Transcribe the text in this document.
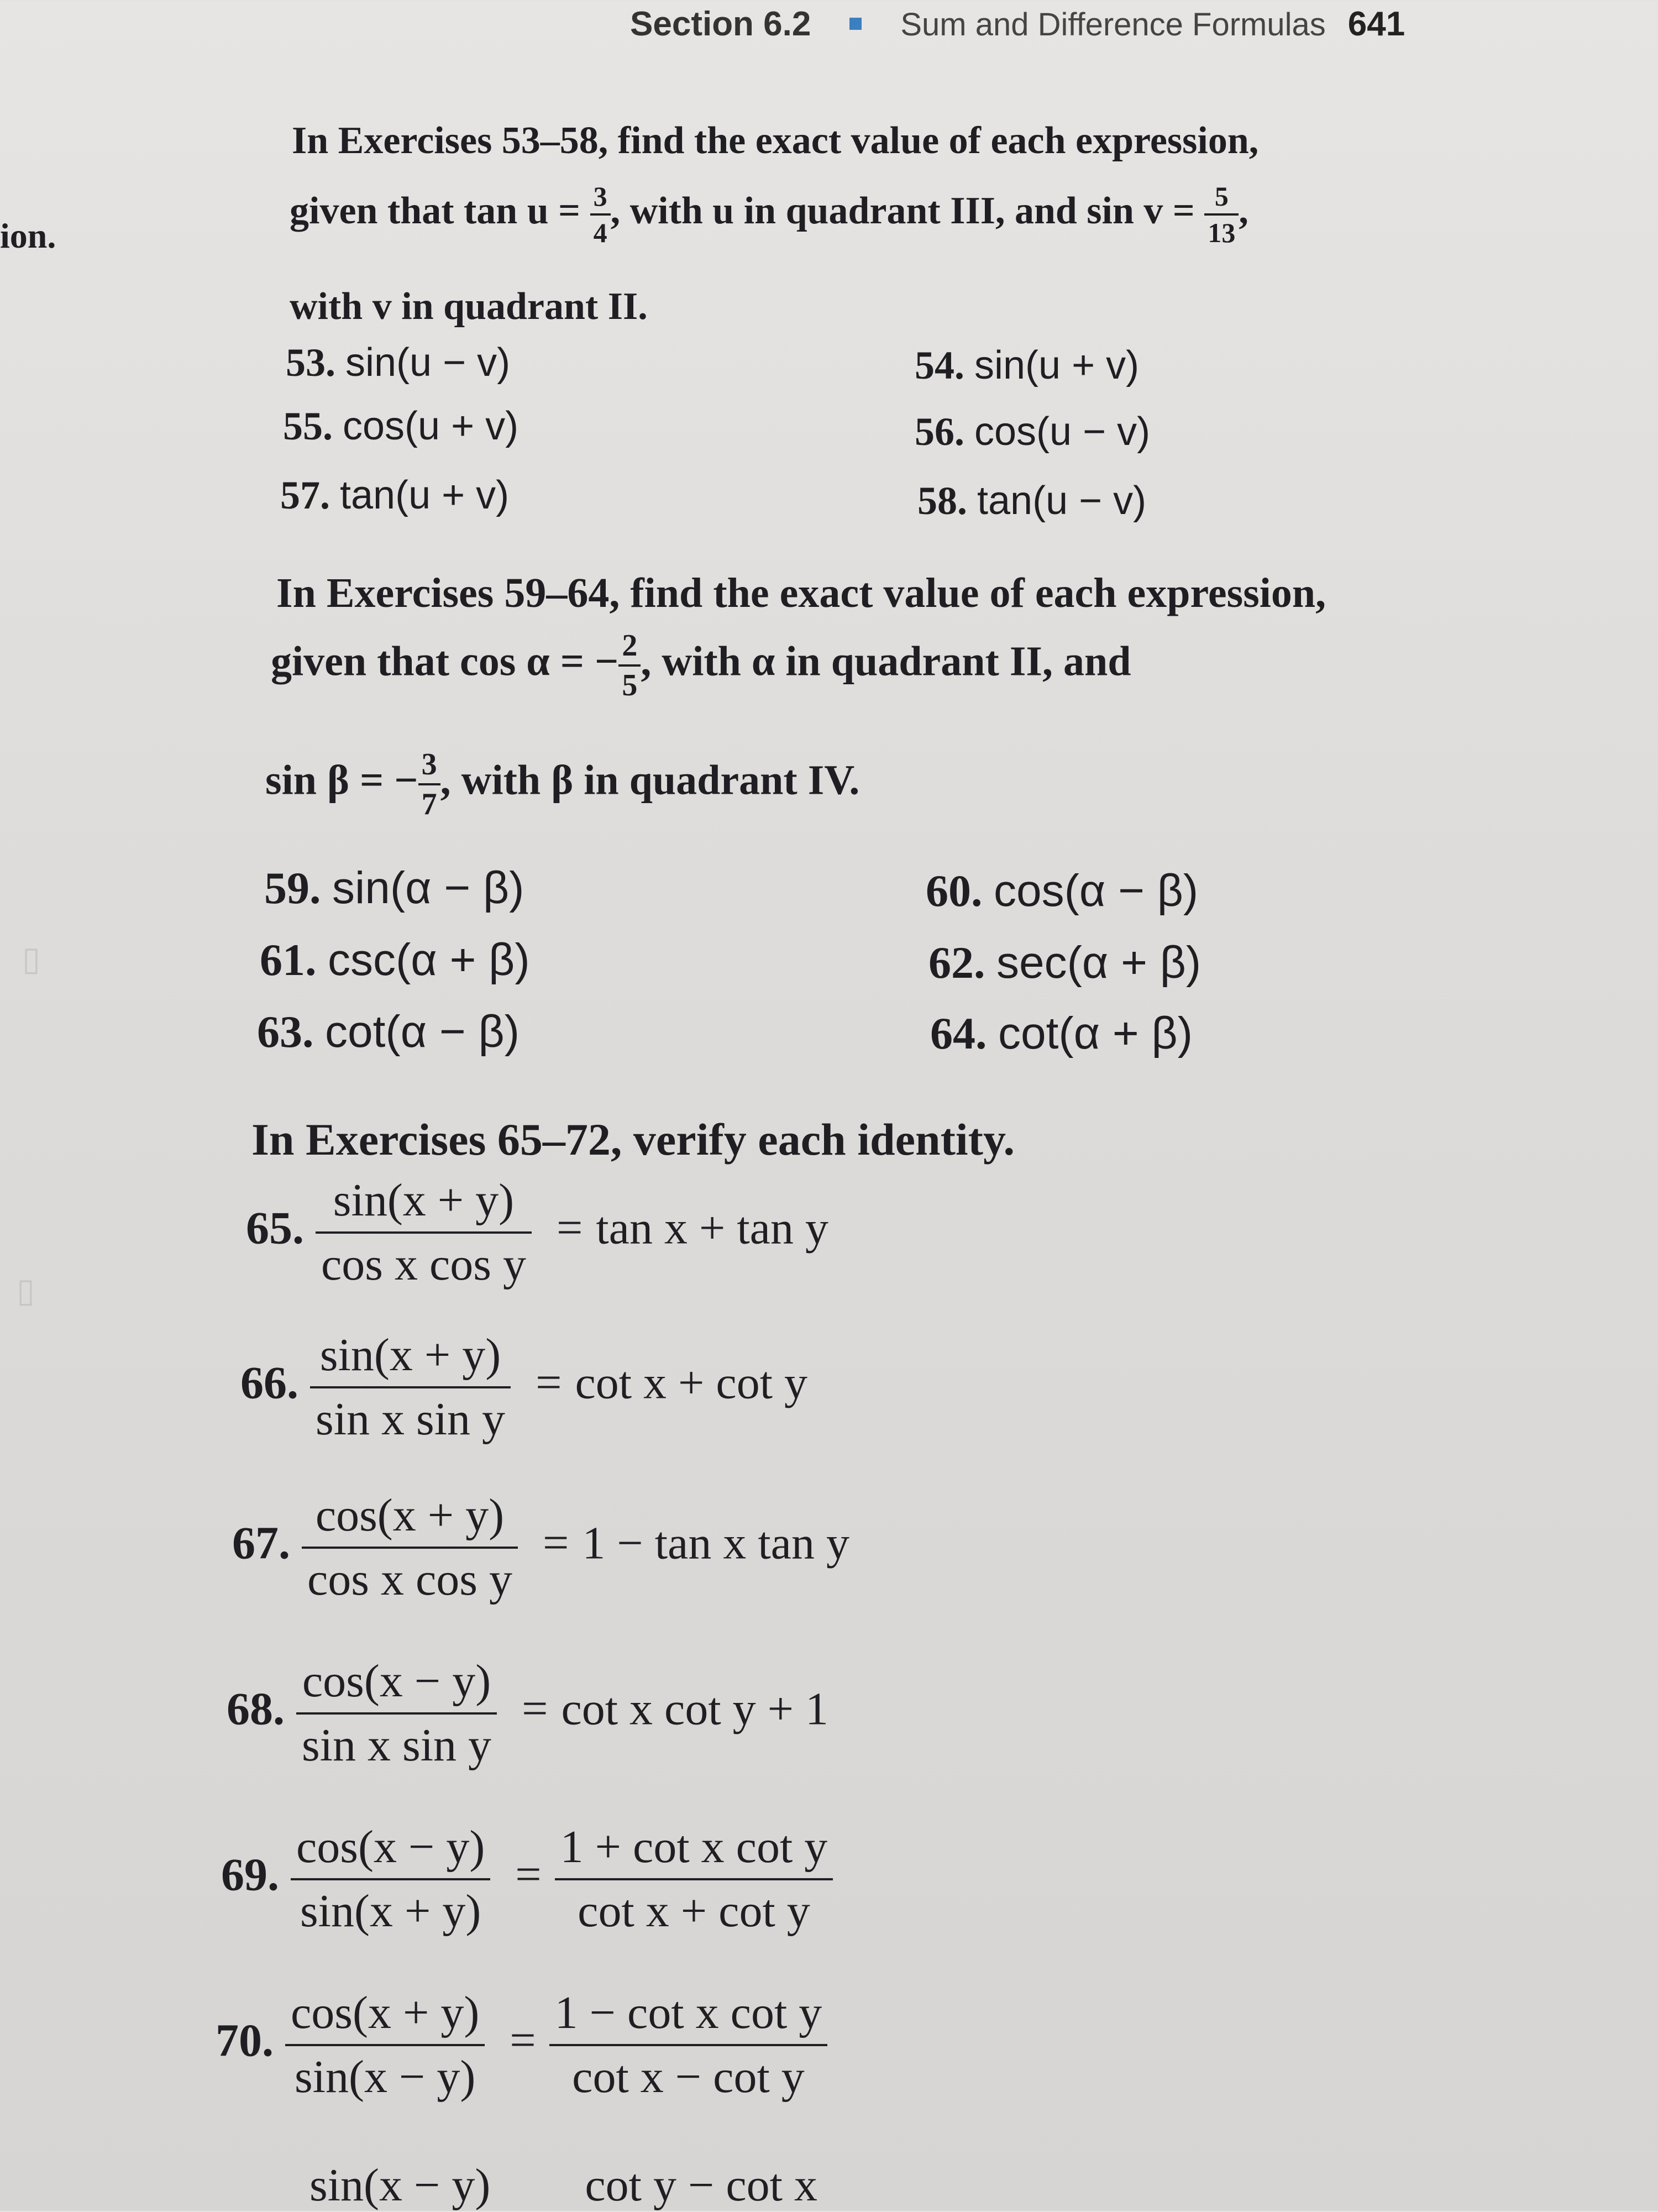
Section 6.2	Sum and Difference Formulas 641
ion.
▯
▯
In Exercises 53–58, find the exact value of each expression,
given that $\tan u = \frac{3}{4}$ , with u in quadrant III, and $\sin v = \frac{5}{13}$ ,
with v in quadrant II.
53. sin(u − v)	54. sin(u + v)
55. cos(u + v)	56. cos(u − v)
57. tan(u + v)	58. tan(u − v)
In Exercises 59–64, find the exact value of each expression,
given that cos α = − $\frac{2}{5}$ , with α in quadrant II, and
sin β = − $\frac{3}{7}$ , with β in quadrant IV.
59. sin(α − β)	60. cos(α − β)
61. csc(α + β)	62. sec(α + β)
63. cot(α − β)	64. cot(α + β)
In Exercises 65–72, verify each identity.
65. $\frac{\sin(x + y)}{\text{cos x cos y}} = \tan x + \tan y$
66. $\frac{\sin(x + y)}{\text{sin x sin y}} = \cot x + \cot y$
67. $\frac{\cos(x + y)}{\text{cos x cos y}} = 1 - \tan x$ tan y
68. $\frac{\cos(x - y)}{\text{sin x sin y}} = \cot x$ cot y + 1
69. $\frac{\cos(x - y)}{\sin(x + y)} = \frac{\text{1 + cot x cot y}}{\text{cot x + cot y}}$
70. $\frac{\cos(x + y)}{\sin(x - y)} = \frac{\text{1 − cot x cot y}}{\text{cot x − cot y}}$
sin(x − y) cot y − cot x
